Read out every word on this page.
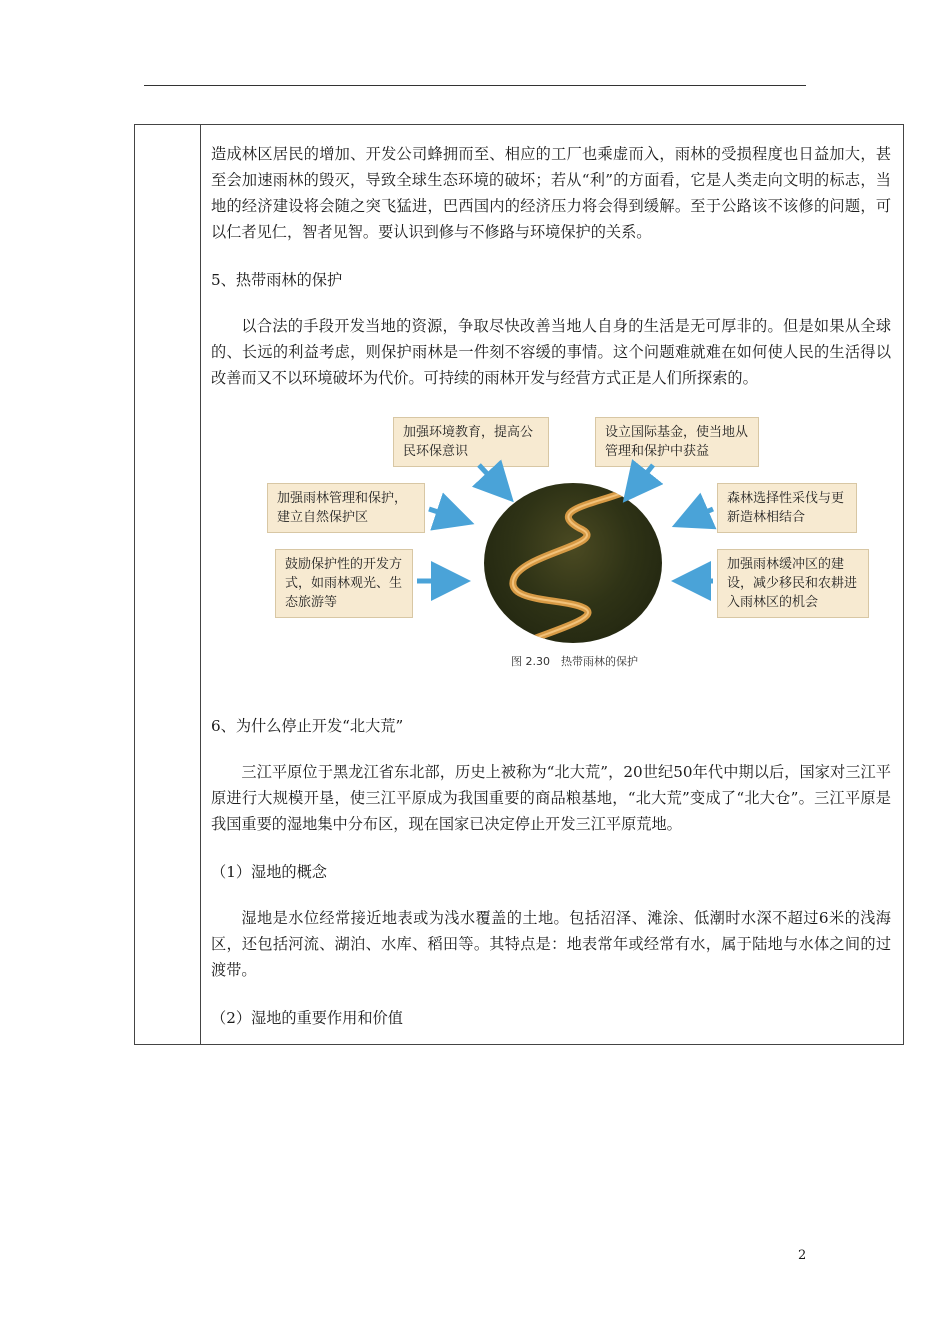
造成林区居民的增加、开发公司蜂拥而至、相应的工厂也乘虚而入，雨林的受损程度也日益加大，甚至会加速雨林的毁灭，导致全球生态环境的破坏；若从“利”的方面看，它是人类走向文明的标志，当地的经济建设将会随之突飞猛进，巴西国内的经济压力将会得到缓解。至于公路该不该修的问题，可以仁者见仁，智者见智。要认识到修与不修路与环境保护的关系。

5、热带雨林的保护

以合法的手段开发当地的资源，争取尽快改善当地人自身的生活是无可厚非的。但是如果从全球的、长远的利益考虑，则保护雨林是一件刻不容缓的事情。这个问题难就难在如何使人民的生活得以改善而又不以环境破坏为代价。可持续的雨林开发与经营方式正是人们所探索的。

加强环境教育，提高公民环保意识
设立国际基金，使当地从管理和保护中获益
加强雨林管理和保护，建立自然保护区
森林选择性采伐与更新造林相结合
鼓励保护性的开发方式，如雨林观光、生态旅游等
加强雨林缓冲区的建设，减少移民和农耕进入雨林区的机会
图 2.30　热带雨林的保护

6、为什么停止开发“北大荒”

三江平原位于黑龙江省东北部，历史上被称为“北大荒”，20世纪50年代中期以后，国家对三江平原进行大规模开垦，使三江平原成为我国重要的商品粮基地，“北大荒”变成了“北大仓”。三江平原是我国重要的湿地集中分布区，现在国家已决定停止开发三江平原荒地。

（1）湿地的概念

湿地是水位经常接近地表或为浅水覆盖的土地。包括沼泽、滩涂、低潮时水深不超过6米的浅海区，还包括河流、湖泊、水库、稻田等。其特点是：地表常年或经常有水，属于陆地与水体之间的过渡带。

（2）湿地的重要作用和价值

2
